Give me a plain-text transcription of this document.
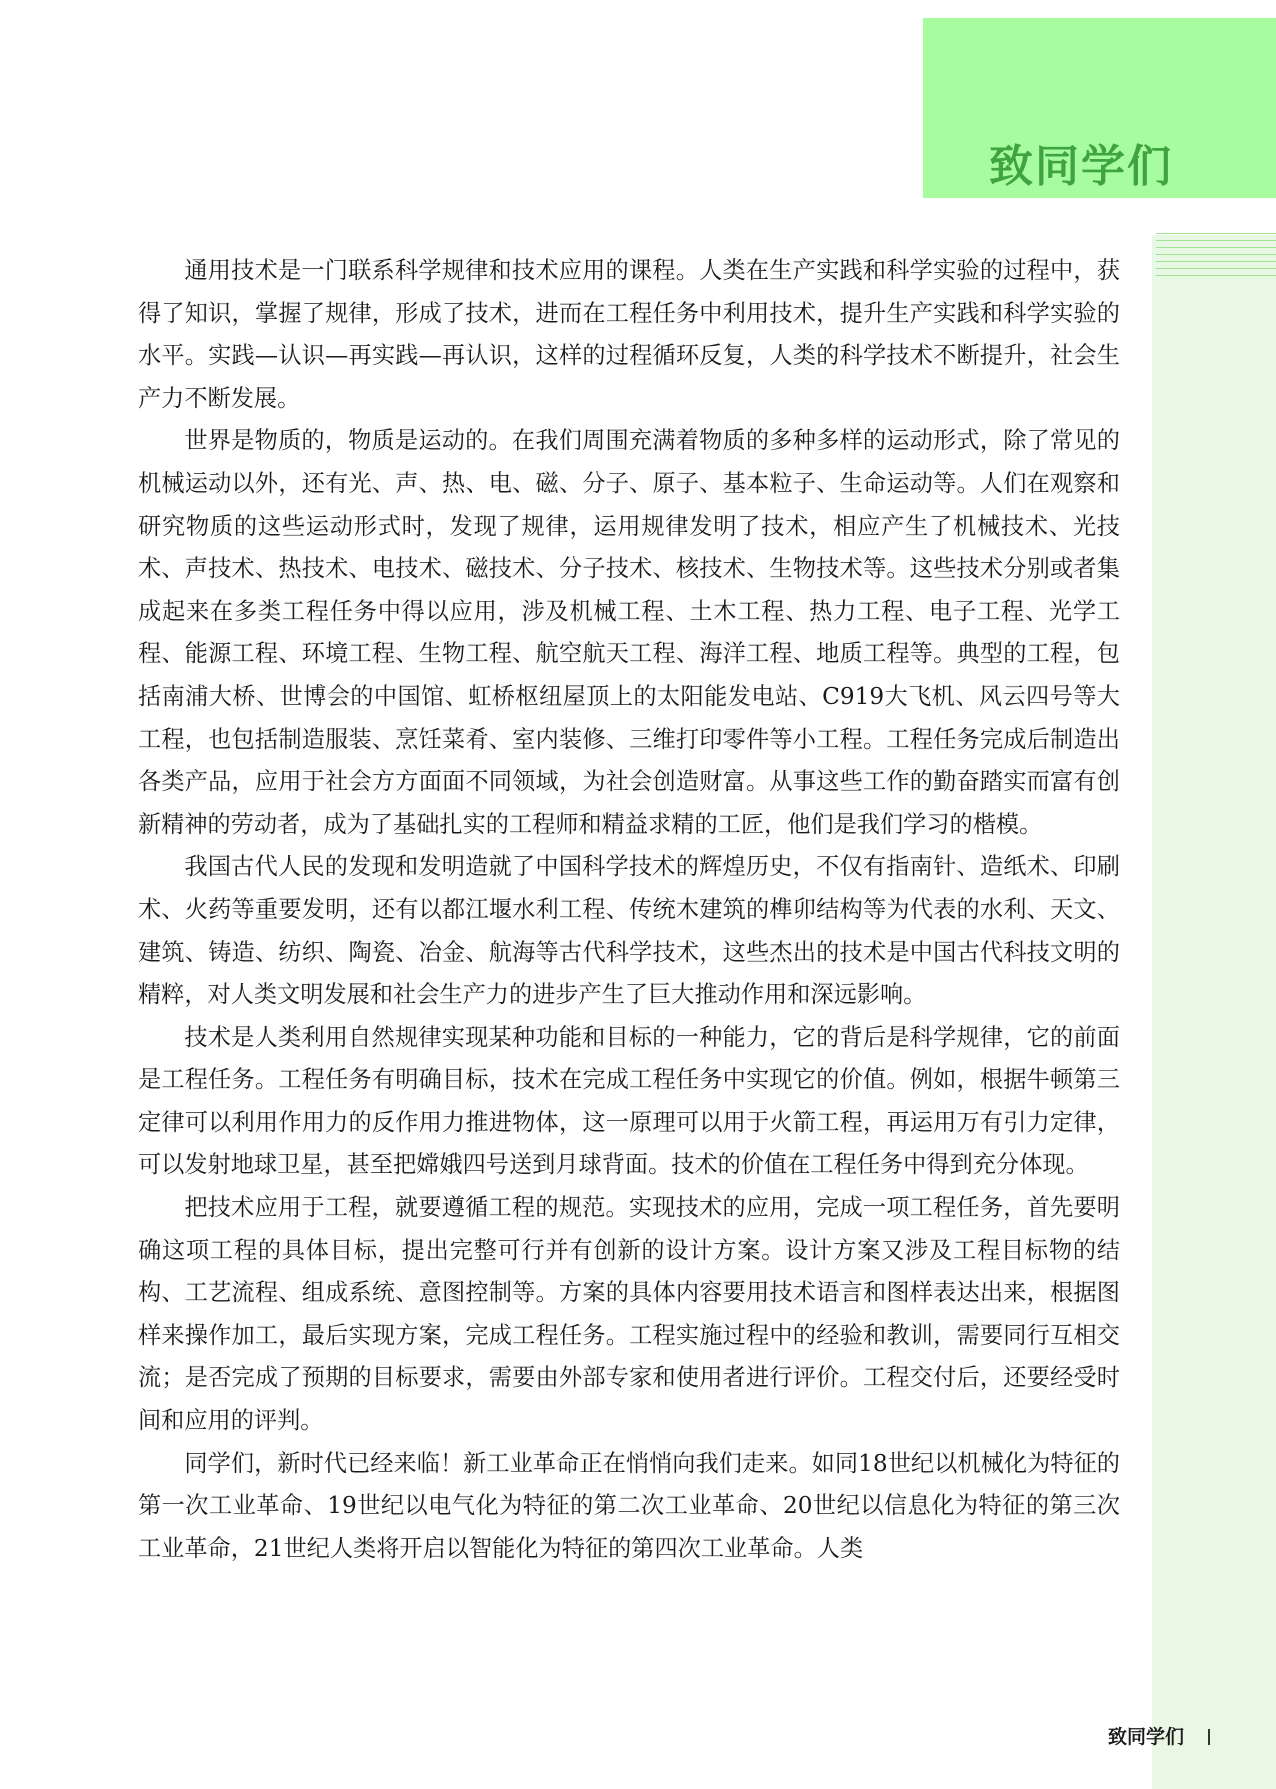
致同学们

通用技术是一门联系科学规律和技术应用的课程。人类在生产实践和科学实验的过程中，获得了知识，掌握了规律，形成了技术，进而在工程任务中利用技术，提升生产实践和科学实验的水平。实践—认识—再实践—再认识，这样的过程循环反复，人类的科学技术不断提升，社会生产力不断发展。

世界是物质的，物质是运动的。在我们周围充满着物质的多种多样的运动形式，除了常见的机械运动以外，还有光、声、热、电、磁、分子、原子、基本粒子、生命运动等。人们在观察和研究物质的这些运动形式时，发现了规律，运用规律发明了技术，相应产生了机械技术、光技术、声技术、热技术、电技术、磁技术、分子技术、核技术、生物技术等。这些技术分别或者集成起来在多类工程任务中得以应用，涉及机械工程、土木工程、热力工程、电子工程、光学工程、能源工程、环境工程、生物工程、航空航天工程、海洋工程、地质工程等。典型的工程，包括南浦大桥、世博会的中国馆、虹桥枢纽屋顶上的太阳能发电站、C919大飞机、风云四号等大工程，也包括制造服装、烹饪菜肴、室内装修、三维打印零件等小工程。工程任务完成后制造出各类产品，应用于社会方方面面不同领域，为社会创造财富。从事这些工作的勤奋踏实而富有创新精神的劳动者，成为了基础扎实的工程师和精益求精的工匠，他们是我们学习的楷模。

我国古代人民的发现和发明造就了中国科学技术的辉煌历史，不仅有指南针、造纸术、印刷术、火药等重要发明，还有以都江堰水利工程、传统木建筑的榫卯结构等为代表的水利、天文、建筑、铸造、纺织、陶瓷、冶金、航海等古代科学技术，这些杰出的技术是中国古代科技文明的精粹，对人类文明发展和社会生产力的进步产生了巨大推动作用和深远影响。

技术是人类利用自然规律实现某种功能和目标的一种能力，它的背后是科学规律，它的前面是工程任务。工程任务有明确目标，技术在完成工程任务中实现它的价值。例如，根据牛顿第三定律可以利用作用力的反作用力推进物体，这一原理可以用于火箭工程，再运用万有引力定律，可以发射地球卫星，甚至把嫦娥四号送到月球背面。技术的价值在工程任务中得到充分体现。

把技术应用于工程，就要遵循工程的规范。实现技术的应用，完成一项工程任务，首先要明确这项工程的具体目标，提出完整可行并有创新的设计方案。设计方案又涉及工程目标物的结构、工艺流程、组成系统、意图控制等。方案的具体内容要用技术语言和图样表达出来，根据图样来操作加工，最后实现方案，完成工程任务。工程实施过程中的经验和教训，需要同行互相交流；是否完成了预期的目标要求，需要由外部专家和使用者进行评价。工程交付后，还要经受时间和应用的评判。

同学们，新时代已经来临！新工业革命正在悄悄向我们走来。如同18世纪以机械化为特征的第一次工业革命、19世纪以电气化为特征的第二次工业革命、20世纪以信息化为特征的第三次工业革命，21世纪人类将开启以智能化为特征的第四次工业革命。人类

致同学们
